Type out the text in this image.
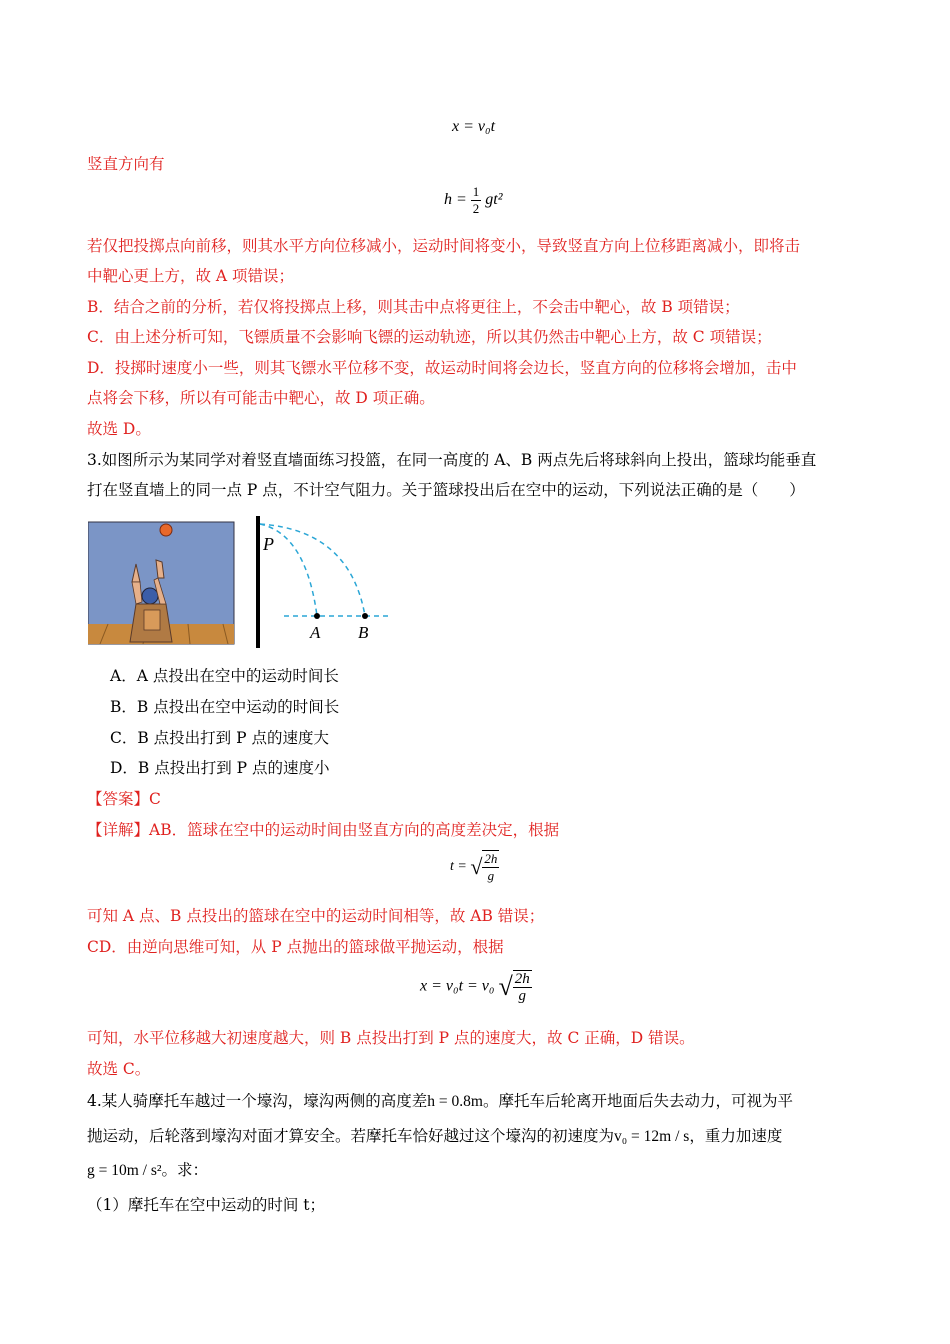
x = v₀t
竖直方向有
$h = \frac{1}{2} gt^2$
若仅把投掷点向前移，则其水平方向位移减小，运动时间将变小，导致竖直方向上位移距离减小，即将击
中靶心更上方，故 A 项错误；
B．结合之前的分析，若仅将投掷点上移，则其击中点将更往上，不会击中靶心，故 B 项错误；
C．由上述分析可知，飞镖质量不会影响飞镖的运动轨迹，所以其仍然击中靶心上方，故 C 项错误；
D．投掷时速度小一些，则其飞镖水平位移不变，故运动时间将会边长，竖直方向的位移将会增加，击中
点将会下移，所以有可能击中靶心，故 D 项正确。
故选 D。
3.如图所示为某同学对着竖直墙面练习投篮，在同一高度的 A、B 两点先后将球斜向上投出，篮球均能垂直
打在竖直墙上的同一点 P 点，不计空气阻力。关于篮球投出后在空中的运动，下列说法正确的是（　　）
P
A B
A．A 点投出在空中的运动时间长
B．B 点投出在空中运动的时间长
C．B 点投出打到 P 点的速度大
D．B 点投出打到 P 点的速度小
【答案】C
【详解】AB．篮球在空中的运动时间由竖直方向的高度差决定，根据
t = √ $\frac{2h}{g}$
可知 A 点、B 点投出的篮球在空中的运动时间相等，故 AB 错误；
CD．由逆向思维可知，从 P 点抛出的篮球做平抛运动，根据
x = v₀t = v₀ √ $\frac{2h}{g}$
可知，水平位移越大初速度越大，则 B 点投出打到 P 点的速度大，故 C 正确，D 错误。
故选 C。
4.某人骑摩托车越过一个壕沟，壕沟两侧的高度差h = 0.8m。摩托车后轮离开地面后失去动力，可视为平
抛运动，后轮落到壕沟对面才算安全。若摩托车恰好越过这个壕沟的初速度为v₀ = 12m / s，重力加速度
g = 10m / s²。求：
（1）摩托车在空中运动的时间 t；
